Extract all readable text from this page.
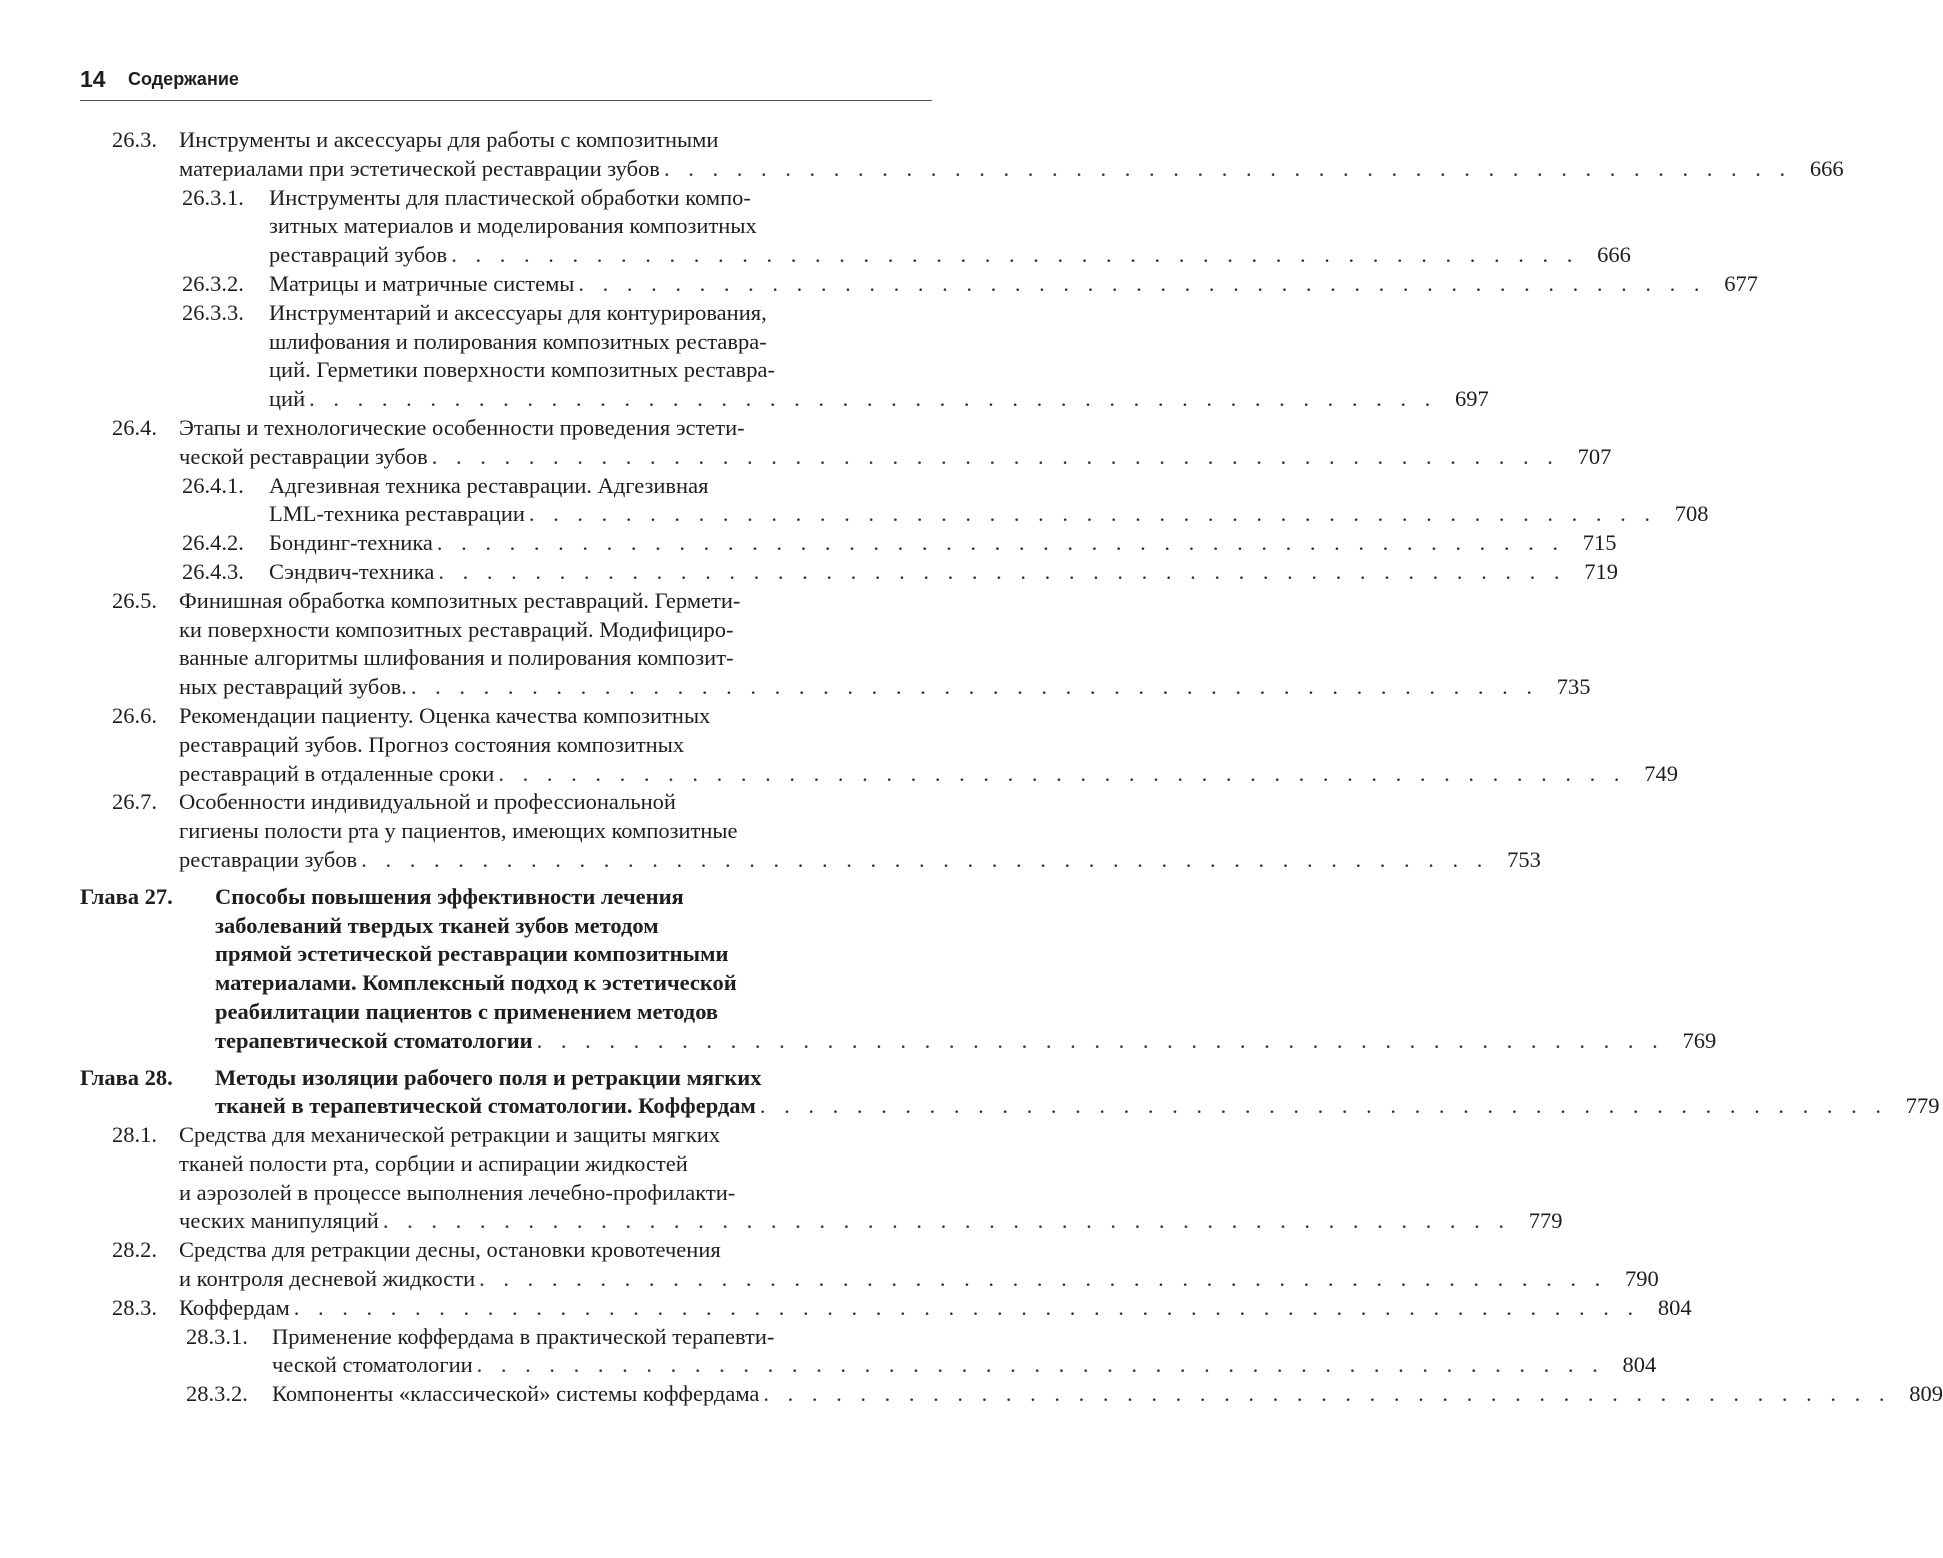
14 Содержание
26.3. Инструменты и аксессуары для работы с композитными
материалами при эстетической реставрации зубов . . . . . . . . . . . . . . . . . . . . . . . . . . . . . . . . . . . . . . . . . . . . . . . 666
26.3.1. Инструменты для пластической обработки компо-
зитных материалов и моделирования композитных
реставраций зубов . . . . . . . . . . . . . . . . . . . . . . . . . . . . . . . . . . . . . . . . . . . . . . . 666
26.3.2. Матрицы и матричные системы . . . . . . . . . . . . . . . . . . . . . . . . . . . . . . . . . . . . . . . . . . . . . . . 677
26.3.3. Инструментарий и аксессуары для контурирования,
шлифования и полирования композитных реставра-
ций. Герметики поверхности композитных реставра-
ций . . . . . . . . . . . . . . . . . . . . . . . . . . . . . . . . . . . . . . . . . . . . . . . 697
26.4. Этапы и технологические особенности проведения эстети-
ческой реставрации зубов . . . . . . . . . . . . . . . . . . . . . . . . . . . . . . . . . . . . . . . . . . . . . . . 707
26.4.1. Адгезивная техника реставрации. Адгезивная
LML-техника реставрации . . . . . . . . . . . . . . . . . . . . . . . . . . . . . . . . . . . . . . . . . . . . . . . 708
26.4.2. Бондинг-техника . . . . . . . . . . . . . . . . . . . . . . . . . . . . . . . . . . . . . . . . . . . . . . . 715
26.4.3. Сэндвич-техника . . . . . . . . . . . . . . . . . . . . . . . . . . . . . . . . . . . . . . . . . . . . . . . 719
26.5. Финишная обработка композитных реставраций. Гермети-
ки поверхности композитных реставраций. Модифициро-
ванные алгоритмы шлифования и полирования композит-
ных реставраций зубов. . . . . . . . . . . . . . . . . . . . . . . . . . . . . . . . . . . . . . . . . . . . . . . . 735
26.6. Рекомендации пациенту. Оценка качества композитных
реставраций зубов. Прогноз состояния композитных
реставраций в отдаленные сроки . . . . . . . . . . . . . . . . . . . . . . . . . . . . . . . . . . . . . . . . . . . . . . . 749
26.7. Особенности индивидуальной и профессиональной
гигиены полости рта у пациентов, имеющих композитные
реставрации зубов . . . . . . . . . . . . . . . . . . . . . . . . . . . . . . . . . . . . . . . . . . . . . . . 753
Глава 27. Способы повышения эффективности лечения
заболеваний твердых тканей зубов методом
прямой эстетической реставрации композитными
материалами. Комплексный подход к эстетической
реабилитации пациентов с применением методов
терапевтической стоматологии . . . . . . . . . . . . . . . . . . . . . . . . . . . . . . . . . . . . . . . . . . . . . . . 769
Глава 28. Методы изоляции рабочего поля и ретракции мягких
тканей в терапевтической стоматологии. Коффердам . . . . . . . . . . . . . . . . . . . . . . . . . . . . . . . . . . . . . . . . . . . . . . . 779
28.1. Средства для механической ретракции и защиты мягких
тканей полости рта, сорбции и аспирации жидкостей
и аэрозолей в процессе выполнения лечебно-профилакти-
ческих манипуляций . . . . . . . . . . . . . . . . . . . . . . . . . . . . . . . . . . . . . . . . . . . . . . . 779
28.2. Средства для ретракции десны, остановки кровотечения
и контроля десневой жидкости . . . . . . . . . . . . . . . . . . . . . . . . . . . . . . . . . . . . . . . . . . . . . . . 790
28.3. Коффердам . . . . . . . . . . . . . . . . . . . . . . . . . . . . . . . . . . . . . . . . . . . . . . . . . . . . . . . . 804
28.3.1. Применение коффердама в практической терапевти-
ческой стоматологии . . . . . . . . . . . . . . . . . . . . . . . . . . . . . . . . . . . . . . . . . . . . . . . 804
28.3.2. Компоненты «классической» системы коффердама . . . . . . . . . . . . . . . . . . . . . . . . . . . . . . . . . . . . . . . . . . . . . . . 809
